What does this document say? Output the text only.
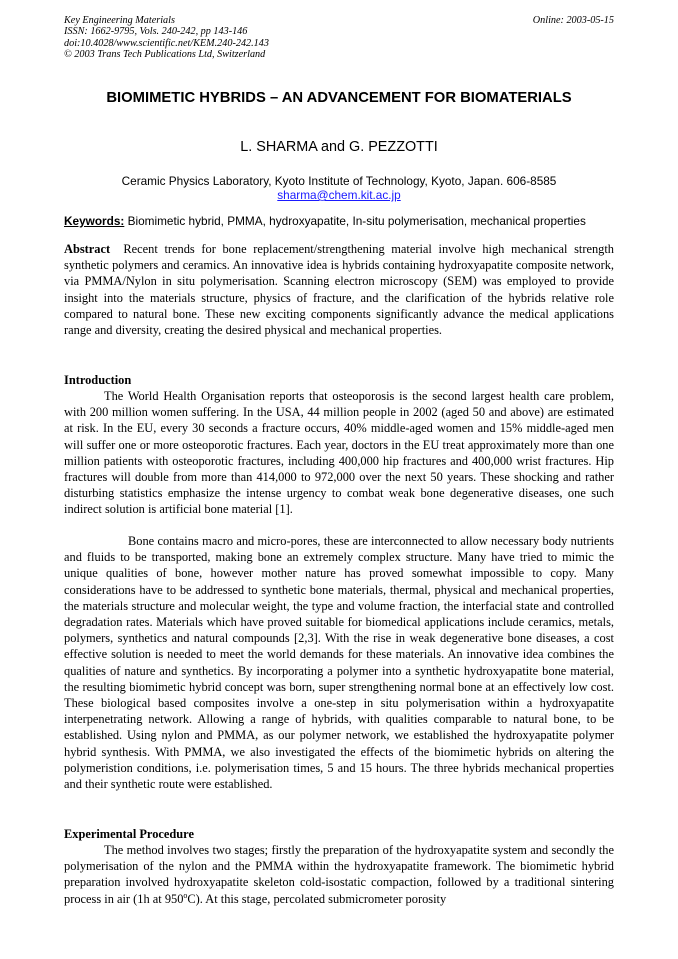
Key Engineering Materials
ISSN: 1662-9795, Vols. 240-242, pp 143-146
doi:10.4028/www.scientific.net/KEM.240-242.143
© 2003 Trans Tech Publications Ltd, Switzerland
Online: 2003-05-15
BIOMIMETIC HYBRIDS – AN ADVANCEMENT FOR BIOMATERIALS
L. SHARMA and G. PEZZOTTI
Ceramic Physics Laboratory, Kyoto Institute of Technology, Kyoto, Japan. 606-8585
sharma@chem.kit.ac.jp
Keywords: Biomimetic hybrid, PMMA, hydroxyapatite, In-situ polymerisation, mechanical properties
Abstract Recent trends for bone replacement/strengthening material involve high mechanical strength synthetic polymers and ceramics. An innovative idea is hybrids containing hydroxyapatite composite network, via PMMA/Nylon in situ polymerisation. Scanning electron microscopy (SEM) was employed to provide insight into the materials structure, physics of fracture, and the clarification of the hybrids relative role compared to natural bone. These new exciting components significantly advance the medical applications range and diversity, creating the desired physical and mechanical properties.
Introduction
The World Health Organisation reports that osteoporosis is the second largest health care problem, with 200 million women suffering. In the USA, 44 million people in 2002 (aged 50 and above) are estimated at risk. In the EU, every 30 seconds a fracture occurs, 40% middle-aged women and 15% middle-aged men will suffer one or more osteoporotic fractures. Each year, doctors in the EU treat approximately more than one million patients with osteoporotic fractures, including 400,000 hip fractures and 400,000 wrist fractures. Hip fractures will double from more than 414,000 to 972,000 over the next 50 years. These shocking and rather disturbing statistics emphasize the intense urgency to combat weak bone degenerative diseases, one such indirect solution is artificial bone material [1].
Bone contains macro and micro-pores, these are interconnected to allow necessary body nutrients and fluids to be transported, making bone an extremely complex structure. Many have tried to mimic the unique qualities of bone, however mother nature has proved somewhat impossible to copy. Many considerations have to be addressed to synthetic bone materials, thermal, physical and mechanical properties, the materials structure and molecular weight, the type and volume fraction, the interfacial state and controlled degradation rates. Materials which have proved suitable for biomedical applications include ceramics, metals, polymers, synthetics and natural compounds [2,3]. With the rise in weak degenerative bone diseases, a cost effective solution is needed to meet the world demands for these materials. An innovative idea combines the qualities of nature and synthetics. By incorporating a polymer into a synthetic hydroxyapatite bone material, the resulting biomimetic hybrid concept was born, super strengthening normal bone at an effectively low cost. These biological based composites involve a one-step in situ polymerisation within a hydroxyapatite interpenetrating network. Allowing a range of hybrids, with qualities comparable to natural bone, to be established. Using nylon and PMMA, as our polymer network, we established the hydroxyapatite polymer hybrid synthesis. With PMMA, we also investigated the effects of the biomimetic hybrids on altering the polymeristion conditions, i.e. polymerisation times, 5 and 15 hours. The three hybrids mechanical properties and their synthetic route were established.
Experimental Procedure
The method involves two stages; firstly the preparation of the hydroxyapatite system and secondly the polymerisation of the nylon and the PMMA within the hydroxyapatite framework. The biomimetic hybrid preparation involved hydroxyapatite skeleton cold-isostatic compaction, followed by a traditional sintering process in air (1h at 950$^o$C). At this stage, percolated submicrometer porosity
